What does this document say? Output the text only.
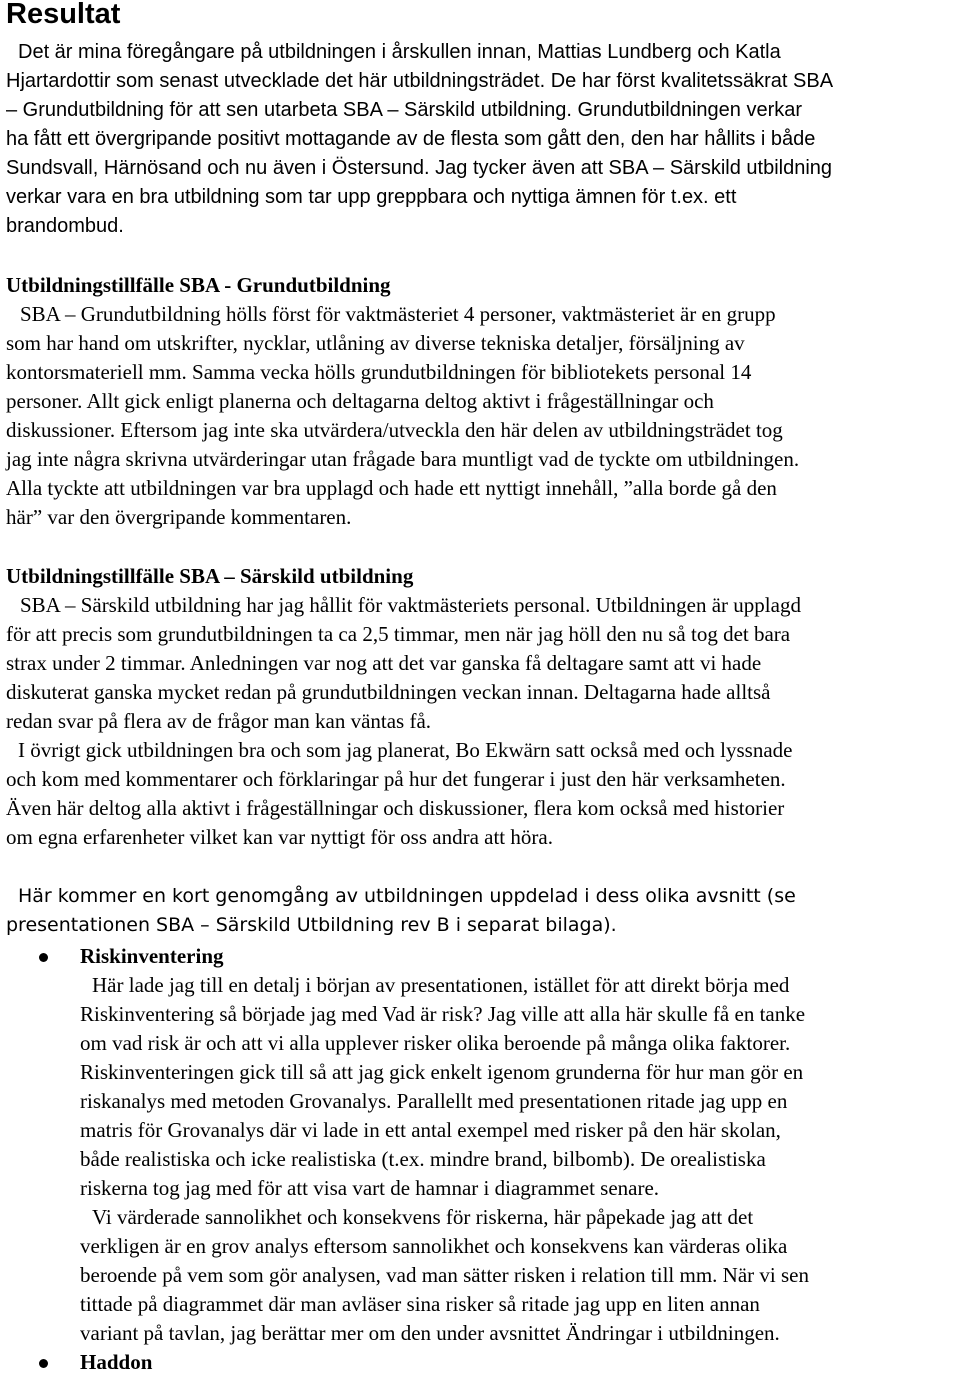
Resultat
Det är mina föregångare på utbildningen i årskullen innan, Mattias Lundberg och Katla
Hjartardottir som senast utvecklade det här utbildningsträdet. De har först kvalitetssäkrat SBA
– Grundutbildning för att sen utarbeta SBA – Särskild utbildning. Grundutbildningen verkar
ha fått ett övergripande positivt mottagande av de flesta som gått den, den har hållits i både
Sundsvall, Härnösand och nu även i Östersund. Jag tycker även att SBA – Särskild utbildning
verkar vara en bra utbildning som tar upp greppbara och nyttiga ämnen för t.ex. ett
brandombud.
Utbildningstillfälle SBA - Grundutbildning
SBA – Grundutbildning hölls först för vaktmästeriet 4 personer, vaktmästeriet är en grupp
som har hand om utskrifter, nycklar, utlåning av diverse tekniska detaljer, försäljning av
kontorsmateriell mm. Samma vecka hölls grundutbildningen för bibliotekets personal 14
personer. Allt gick enligt planerna och deltagarna deltog aktivt i frågeställningar och
diskussioner. Eftersom jag inte ska utvärdera/utveckla den här delen av utbildningsträdet tog
jag inte några skrivna utvärderingar utan frågade bara muntligt vad de tyckte om utbildningen.
Alla tyckte att utbildningen var bra upplagd och hade ett nyttigt innehåll, ”alla borde gå den
här” var den övergripande kommentaren.
Utbildningstillfälle SBA – Särskild utbildning
SBA – Särskild utbildning har jag hållit för vaktmästeriets personal. Utbildningen är upplagd
för att precis som grundutbildningen ta ca 2,5 timmar, men när jag höll den nu så tog det bara
strax under 2 timmar. Anledningen var nog att det var ganska få deltagare samt att vi hade
diskuterat ganska mycket redan på grundutbildningen veckan innan. Deltagarna hade alltså
redan svar på flera av de frågor man kan väntas få.
I övrigt gick utbildningen bra och som jag planerat, Bo Ekwärn satt också med och lyssnade
och kom med kommentarer och förklaringar på hur det fungerar i just den här verksamheten.
Även här deltog alla aktivt i frågeställningar och diskussioner, flera kom också med historier
om egna erfarenheter vilket kan var nyttigt för oss andra att höra.
Här kommer en kort genomgång av utbildningen uppdelad i dess olika avsnitt (se
presentationen SBA – Särskild Utbildning rev B i separat bilaga).
Riskinventering
Här lade jag till en detalj i början av presentationen, istället för att direkt börja med
Riskinventering så började jag med Vad är risk? Jag ville att alla här skulle få en tanke
om vad risk är och att vi alla upplever risker olika beroende på många olika faktorer.
Riskinventeringen gick till så att jag gick enkelt igenom grunderna för hur man gör en
riskanalys med metoden Grovanalys. Parallellt med presentationen ritade jag upp en
matris för Grovanalys där vi lade in ett antal exempel med risker på den här skolan,
både realistiska och icke realistiska (t.ex. mindre brand, bilbomb). De orealistiska
riskerna tog jag med för att visa vart de hamnar i diagrammet senare.
Vi värderade sannolikhet och konsekvens för riskerna, här påpekade jag att det
verkligen är en grov analys eftersom sannolikhet och konsekvens kan värderas olika
beroende på vem som gör analysen, vad man sätter risken i relation till mm. När vi sen
tittade på diagrammet där man avläser sina risker så ritade jag upp en liten annan
variant på tavlan, jag berättar mer om den under avsnittet Ändringar i utbildningen.
Haddon
